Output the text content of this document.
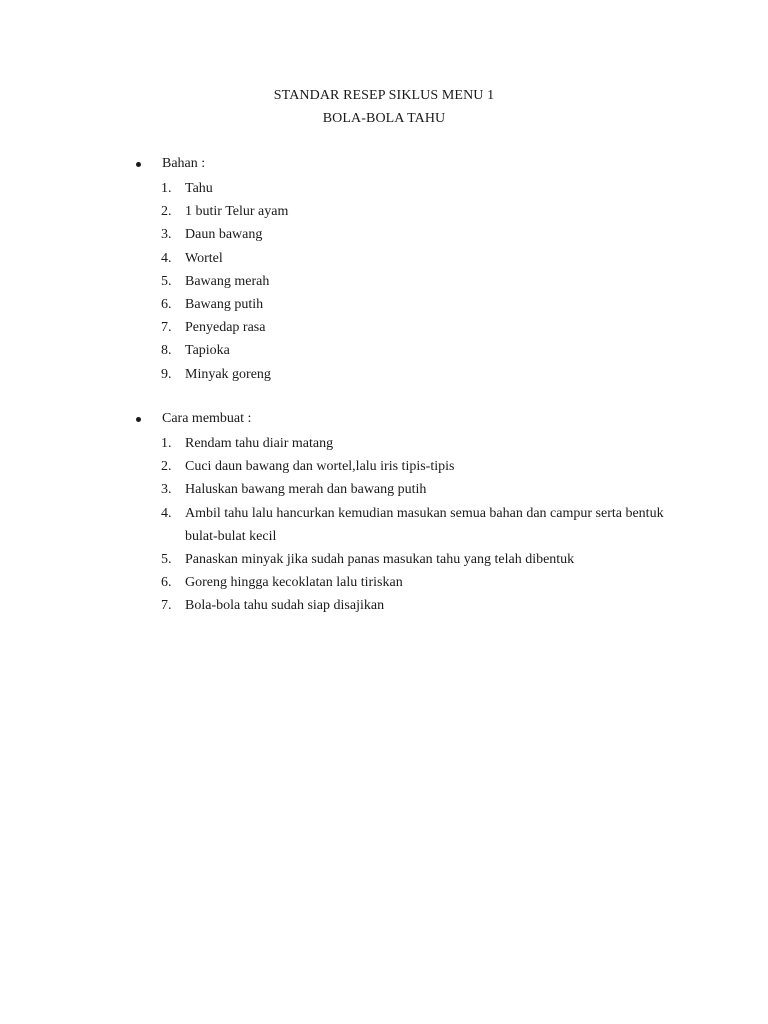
STANDAR RESEP SIKLUS MENU 1
BOLA-BOLA TAHU
Bahan :
1. Tahu
2. 1 butir Telur ayam
3. Daun bawang
4. Wortel
5. Bawang merah
6. Bawang putih
7. Penyedap rasa
8. Tapioka
9. Minyak goreng
Cara membuat :
1. Rendam tahu diair matang
2. Cuci daun bawang dan wortel,lalu iris tipis-tipis
3. Haluskan bawang merah dan bawang putih
4. Ambil tahu lalu hancurkan kemudian masukan semua bahan dan campur serta bentuk
bulat-bulat kecil
5. Panaskan minyak jika sudah panas masukan tahu yang telah dibentuk
6. Goreng hingga kecoklatan lalu tiriskan
7. Bola-bola tahu sudah siap disajikan
